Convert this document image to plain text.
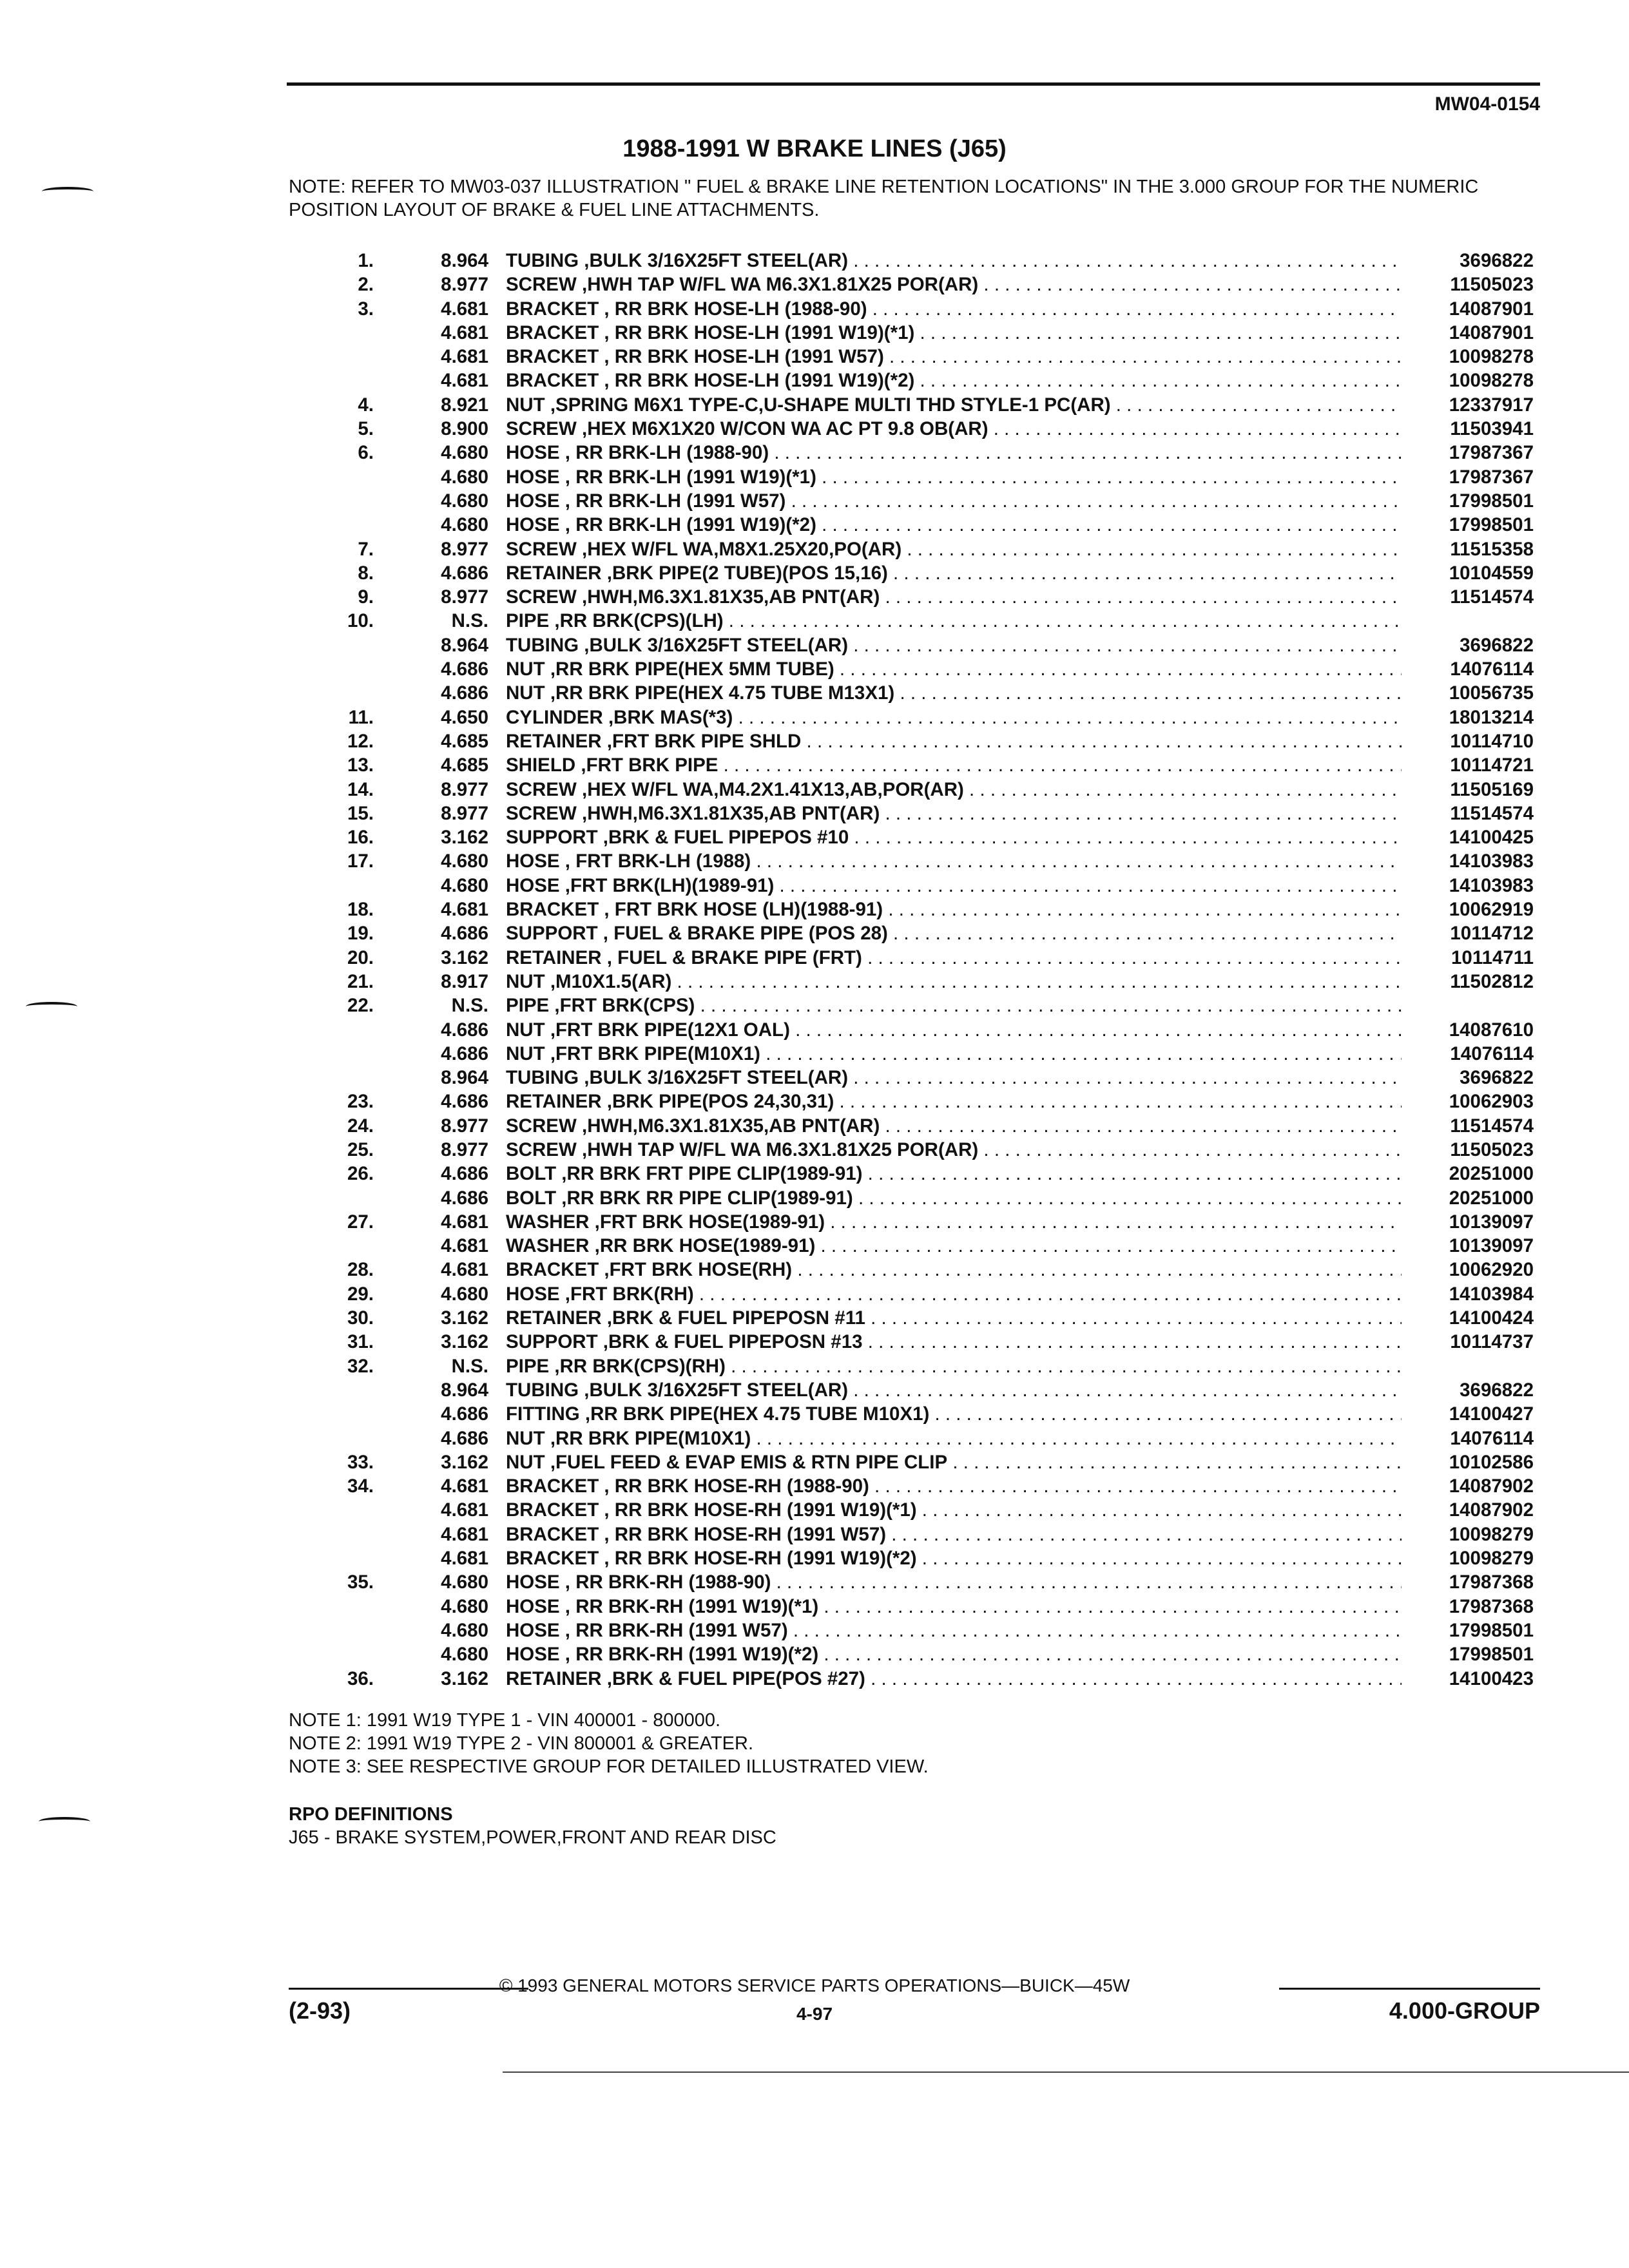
MW04-0154
1988-1991 W BRAKE LINES (J65)
NOTE: REFER TO MW03-037 ILLUSTRATION " FUEL & BRAKE LINE RETENTION LOCATIONS" IN THE 3.000 GROUP FOR THE NUMERIC POSITION LAYOUT OF BRAKE & FUEL LINE ATTACHMENTS.
1.	8.964 TUBING ,BULK 3/16X25FT STEEL(AR) . . .	3696822
2.	8.977 SCREW ,HWH TAP W/FL WA M6.3X1.81X25 POR(AR) . . .	11505023
3.	4.681 BRACKET , RR BRK HOSE-LH (1988-90) . . .	14087901
4.681 BRACKET , RR BRK HOSE-LH (1991 W19)(*1) . . .	14087901
4.681 BRACKET , RR BRK HOSE-LH (1991 W57) . . .	10098278
4.681 BRACKET , RR BRK HOSE-LH (1991 W19)(*2) . . .	10098278
4.	8.921 NUT ,SPRING M6X1 TYPE-C,U-SHAPE MULTI THD STYLE-1 PC(AR) . . .	12337917
5.	8.900 SCREW ,HEX M6X1X20 W/CON WA AC PT 9.8 OB(AR) . . .	11503941
6.	4.680 HOSE , RR BRK-LH (1988-90) . . .	17987367
4.680 HOSE , RR BRK-LH (1991 W19)(*1) . . .	17987367
4.680 HOSE , RR BRK-LH (1991 W57) . . .	17998501
4.680 HOSE , RR BRK-LH (1991 W19)(*2) . . .	17998501
7.	8.977 SCREW ,HEX W/FL WA,M8X1.25X20,PO(AR) . . .	11515358
8.	4.686 RETAINER ,BRK PIPE(2 TUBE)(POS 15,16) . . .	10104559
9.	8.977 SCREW ,HWH,M6.3X1.81X35,AB PNT(AR) . . .	11514574
10.	N.S. PIPE ,RR BRK(CPS)(LH) . . .
8.964 TUBING ,BULK 3/16X25FT STEEL(AR) . . .	3696822
4.686 NUT ,RR BRK PIPE(HEX 5MM TUBE) . . .	14076114
4.686 NUT ,RR BRK PIPE(HEX 4.75 TUBE M13X1) . . .	10056735
11.	4.650 CYLINDER ,BRK MAS(*3) . . .	18013214
12.	4.685 RETAINER ,FRT BRK PIPE SHLD . . .	10114710
13.	4.685 SHIELD ,FRT BRK PIPE . . .	10114721
14.	8.977 SCREW ,HEX W/FL WA,M4.2X1.41X13,AB,POR(AR) . . .	11505169
15.	8.977 SCREW ,HWH,M6.3X1.81X35,AB PNT(AR) . . .	11514574
16.	3.162 SUPPORT ,BRK & FUEL PIPEPOS #10 . . .	14100425
17.	4.680 HOSE , FRT BRK-LH (1988) . . .	14103983
4.680 HOSE ,FRT BRK(LH)(1989-91) . . .	14103983
18.	4.681 BRACKET , FRT BRK HOSE (LH)(1988-91) . . .	10062919
19.	4.686 SUPPORT , FUEL & BRAKE PIPE (POS 28) . . .	10114712
20.	3.162 RETAINER , FUEL & BRAKE PIPE (FRT) . . .	10114711
21.	8.917 NUT ,M10X1.5(AR) . . .	11502812
22.	N.S. PIPE ,FRT BRK(CPS) . . .
4.686 NUT ,FRT BRK PIPE(12X1 OAL) . . .	14087610
4.686 NUT ,FRT BRK PIPE(M10X1) . . .	14076114
8.964 TUBING ,BULK 3/16X25FT STEEL(AR) . . .	3696822
23.	4.686 RETAINER ,BRK PIPE(POS 24,30,31) . . .	10062903
24.	8.977 SCREW ,HWH,M6.3X1.81X35,AB PNT(AR) . . .	11514574
25.	8.977 SCREW ,HWH TAP W/FL WA M6.3X1.81X25 POR(AR) . . .	11505023
26.	4.686 BOLT ,RR BRK FRT PIPE CLIP(1989-91) . . .	20251000
4.686 BOLT ,RR BRK RR PIPE CLIP(1989-91) . . .	20251000
27.	4.681 WASHER ,FRT BRK HOSE(1989-91) . . .	10139097
4.681 WASHER ,RR BRK HOSE(1989-91) . . .	10139097
28.	4.681 BRACKET ,FRT BRK HOSE(RH) . . .	10062920
29.	4.680 HOSE ,FRT BRK(RH) . . .	14103984
30.	3.162 RETAINER ,BRK & FUEL PIPEPOSN #11 . . .	14100424
31.	3.162 SUPPORT ,BRK & FUEL PIPEPOSN #13 . . .	10114737
32.	N.S. PIPE ,RR BRK(CPS)(RH) . . .
8.964 TUBING ,BULK 3/16X25FT STEEL(AR) . . .	3696822
4.686 FITTING ,RR BRK PIPE(HEX 4.75 TUBE M10X1) . . .	14100427
4.686 NUT ,RR BRK PIPE(M10X1) . . .	14076114
33.	3.162 NUT ,FUEL FEED & EVAP EMIS & RTN PIPE CLIP . . .	10102586
34.	4.681 BRACKET , RR BRK HOSE-RH (1988-90) . . .	14087902
4.681 BRACKET , RR BRK HOSE-RH (1991 W19)(*1) . . .	14087902
4.681 BRACKET , RR BRK HOSE-RH (1991 W57) . . .	10098279
4.681 BRACKET , RR BRK HOSE-RH (1991 W19)(*2) . . .	10098279
35.	4.680 HOSE , RR BRK-RH (1988-90) . . .	17987368
4.680 HOSE , RR BRK-RH (1991 W19)(*1) . . .	17987368
4.680 HOSE , RR BRK-RH (1991 W57) . . .	17998501
4.680 HOSE , RR BRK-RH (1991 W19)(*2) . . .	17998501
36.	3.162 RETAINER ,BRK & FUEL PIPE(POS #27) . . .	14100423
NOTE 1: 1991 W19 TYPE 1 - VIN 400001 - 800000.
NOTE 2: 1991 W19 TYPE 2 - VIN 800001 & GREATER.
NOTE 3: SEE RESPECTIVE GROUP FOR DETAILED ILLUSTRATED VIEW.
RPO DEFINITIONS
J65 - BRAKE SYSTEM,POWER,FRONT AND REAR DISC
© 1993 GENERAL MOTORS SERVICE PARTS OPERATIONS—BUICK—45W
(2-93)	4-97	4.000-GROUP
